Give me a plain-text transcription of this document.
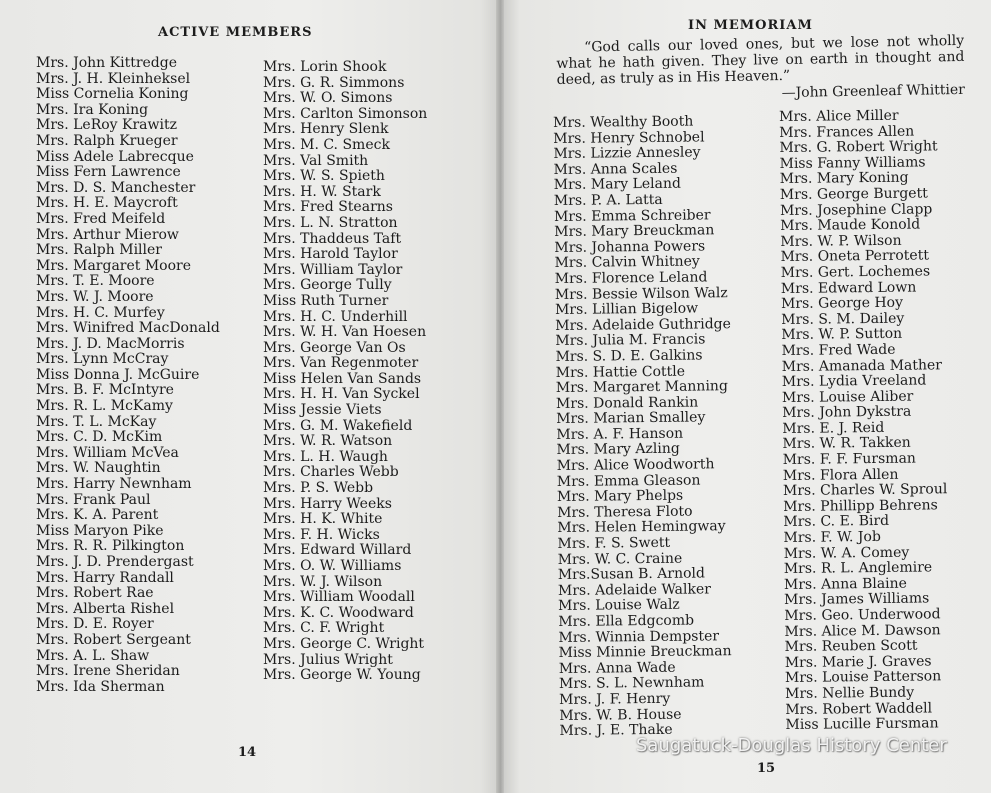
ACTIVE MEMBERS
Mrs. John Kittredge
Mrs. J. H. Kleinheksel
Miss Cornelia Koning
Mrs. Ira Koning
Mrs. LeRoy Krawitz
Mrs. Ralph Krueger
Miss Adele Labrecque
Miss Fern Lawrence
Mrs. D. S. Manchester
Mrs. H. E. Maycroft
Mrs. Fred Meifeld
Mrs. Arthur Mierow
Mrs. Ralph Miller
Mrs. Margaret Moore
Mrs. T. E. Moore
Mrs. W. J. Moore
Mrs. H. C. Murfey
Mrs. Winifred MacDonald
Mrs. J. D. MacMorris
Mrs. Lynn McCray
Miss Donna J. McGuire
Mrs. B. F. McIntyre
Mrs. R. L. McKamy
Mrs. T. L. McKay
Mrs. C. D. McKim
Mrs. William McVea
Mrs. W. Naughtin
Mrs. Harry Newnham
Mrs. Frank Paul
Mrs. K. A. Parent
Miss Maryon Pike
Mrs. R. R. Pilkington
Mrs. J. D. Prendergast
Mrs. Harry Randall
Mrs. Robert Rae
Mrs. Alberta Rishel
Mrs. D. E. Royer
Mrs. Robert Sergeant
Mrs. A. L. Shaw
Mrs. Irene Sheridan
Mrs. Ida Sherman
Mrs. Lorin Shook
Mrs. G. R. Simmons
Mrs. W. O. Simons
Mrs. Carlton Simonson
Mrs. Henry Slenk
Mrs. M. C. Smeck
Mrs. Val Smith
Mrs. W. S. Spieth
Mrs. H. W. Stark
Mrs. Fred Stearns
Mrs. L. N. Stratton
Mrs. Thaddeus Taft
Mrs. Harold Taylor
Mrs. William Taylor
Mrs. George Tully
Miss Ruth Turner
Mrs. H. C. Underhill
Mrs. W. H. Van Hoesen
Mrs. George Van Os
Mrs. Van Regenmoter
Miss Helen Van Sands
Mrs. H. H. Van Syckel
Miss Jessie Viets
Mrs. G. M. Wakefield
Mrs. W. R. Watson
Mrs. L. H. Waugh
Mrs. Charles Webb
Mrs. P. S. Webb
Mrs. Harry Weeks
Mrs. H. K. White
Mrs. F. H. Wicks
Mrs. Edward Willard
Mrs. O. W. Williams
Mrs. W. J. Wilson
Mrs. William Woodall
Mrs. K. C. Woodward
Mrs. C. F. Wright
Mrs. George C. Wright
Mrs. Julius Wright
Mrs. George W. Young
14
IN MEMORIAM

“God calls our loved ones, but we lose not wholly what he hath given. They live on earth in thought and deed, as truly as in His Heaven.”

—John Greenleaf Whittier

Mrs. Wealthy Booth
Mrs. Henry Schnobel
Mrs. Lizzie Annesley
Mrs. Anna Scales
Mrs. Mary Leland
Mrs. P. A. Latta
Mrs. Emma Schreiber
Mrs. Mary Breuckman
Mrs. Johanna Powers
Mrs. Calvin Whitney
Mrs. Florence Leland
Mrs. Bessie Wilson Walz
Mrs. Lillian Bigelow
Mrs. Adelaide Guthridge
Mrs. Julia M. Francis
Mrs. S. D. E. Galkins
Mrs. Hattie Cottle
Mrs. Margaret Manning
Mrs. Donald Rankin
Mrs. Marian Smalley
Mrs. A. F. Hanson
Mrs. Mary Azling
Mrs. Alice Woodworth
Mrs. Emma Gleason
Mrs. Mary Phelps
Mrs. Theresa Floto
Mrs. Helen Hemingway
Mrs. F. S. Swett
Mrs. W. C. Craine
Mrs.Susan B. Arnold
Mrs. Adelaide Walker
Mrs. Louise Walz
Mrs. Ella Edgcomb
Mrs. Winnia Dempster
Miss Minnie Breuckman
Mrs. Anna Wade
Mrs. S. L. Newnham
Mrs. J. F. Henry
Mrs. W. B. House
Mrs. J. E. Thake
Mrs. Alice Miller
Mrs. Frances Allen
Mrs. G. Robert Wright
Miss Fanny Williams
Mrs. Mary Koning
Mrs. George Burgett
Mrs. Josephine Clapp
Mrs. Maude Konold
Mrs. W. P. Wilson
Mrs. Oneta Perrotett
Mrs. Gert. Lochemes
Mrs. Edward Lown
Mrs. George Hoy
Mrs. S. M. Dailey
Mrs. W. P. Sutton
Mrs. Fred Wade
Mrs. Amanada Mather
Mrs. Lydia Vreeland
Mrs. Louise Aliber
Mrs. John Dykstra
Mrs. E. J. Reid
Mrs. W. R. Takken
Mrs. F. F. Fursman
Mrs. Flora Allen
Mrs. Charles W. Sproul
Mrs. Phillipp Behrens
Mrs. C. E. Bird
Mrs. F. W. Job
Mrs. W. A. Comey
Mrs. R. L. Anglemire
Mrs. Anna Blaine
Mrs. James Williams
Mrs. Geo. Underwood
Mrs. Alice M. Dawson
Mrs. Reuben Scott
Mrs. Marie J. Graves
Mrs. Louise Patterson
Mrs. Nellie Bundy
Mrs. Robert Waddell
Miss Lucille Fursman
15
Saugatuck-Douglas History Center
